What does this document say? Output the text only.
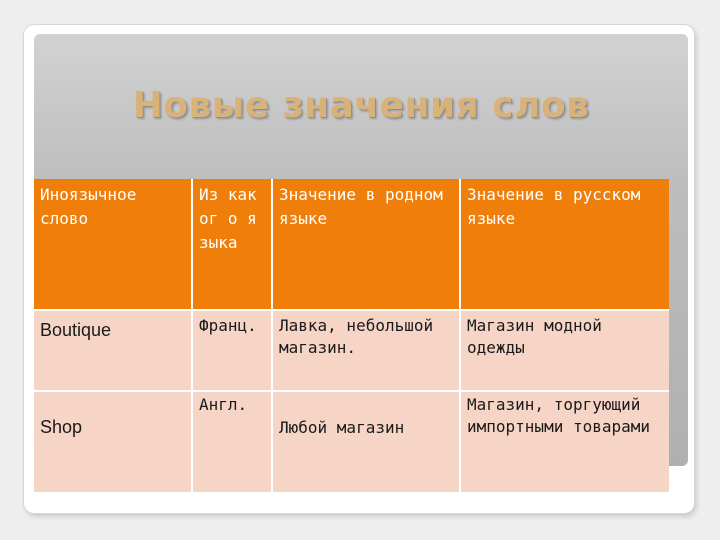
Новые значения слов
Иноязычное слово	Из каког о языка	Значение в родном языке	Значение в русском языке
Boutique	Франц.	Лавка, небольшой магазин.	Магазин модной одежды
Shop	Англ.	Любой магазин	Магазин, торгующий импортными товарами
